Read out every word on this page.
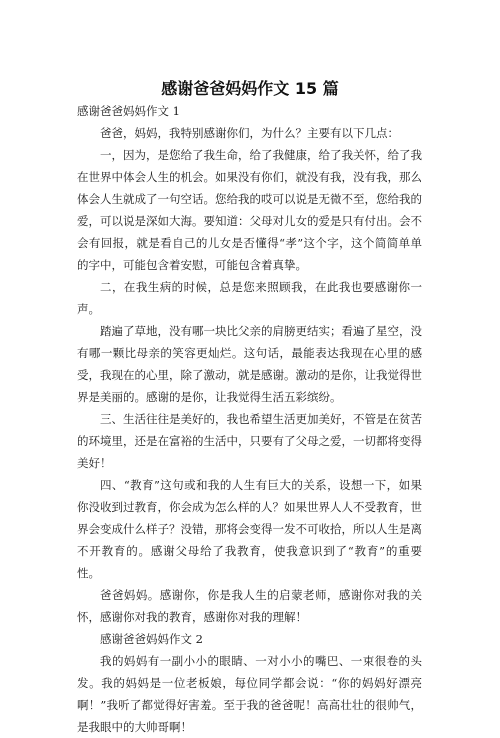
感谢爸爸妈妈作文 15 篇

感谢爸爸妈妈作文 1

爸爸，妈妈，我特别感谢你们，为什么？主要有以下几点：

一，因为，是您给了我生命，给了我健康，给了我关怀，给了我在世界中体会人生的机会。如果没有你们，就没有我，没有我，那么体会人生就成了一句空话。您给我的哎可以说是无微不至，您给我的爱，可以说是深如大海。要知道：父母对儿女的爱是只有付出。会不会有回报，就是看自己的儿女是否懂得“孝”这个字，这个简简单单的字中，可能包含着安慰，可能包含着真挚。

二，在我生病的时候，总是您来照顾我，在此我也要感谢你一声。

踏遍了草地，没有哪一块比父亲的肩膀更结实；看遍了星空，没有哪一颗比母亲的笑容更灿烂。这句话，最能表达我现在心里的感受，我现在的心里，除了激动，就是感谢。激动的是你，让我觉得世界是美丽的。感谢的是你，让我觉得生活五彩缤纷。

三、生活往往是美好的，我也希望生活更加美好，不管是在贫苦的环境里，还是在富裕的生活中，只要有了父母之爱，一切都将变得美好！

四、“教育”这句或和我的人生有巨大的关系，设想一下，如果你没收到过教育，你会成为怎么样的人？如果世界人人不受教育，世界会变成什么样子？没错，那将会变得一发不可收拾，所以人生是离不开教育的。感谢父母给了我教育，使我意识到了“教育”的重要性。

爸爸妈妈。感谢你，你是我人生的启蒙老师，感谢你对我的关怀，感谢你对我的教育，感谢你对我的理解！

感谢爸爸妈妈作文 2

我的妈妈有一副小小的眼睛、一对小小的嘴巴、一束很卷的头发。我的妈妈是一位老板娘，每位同学都会说：“你的妈妈好漂亮啊！”我听了都觉得好害羞。至于我的爸爸呢！高高壮壮的很帅气，是我眼中的大帅哥啊！
